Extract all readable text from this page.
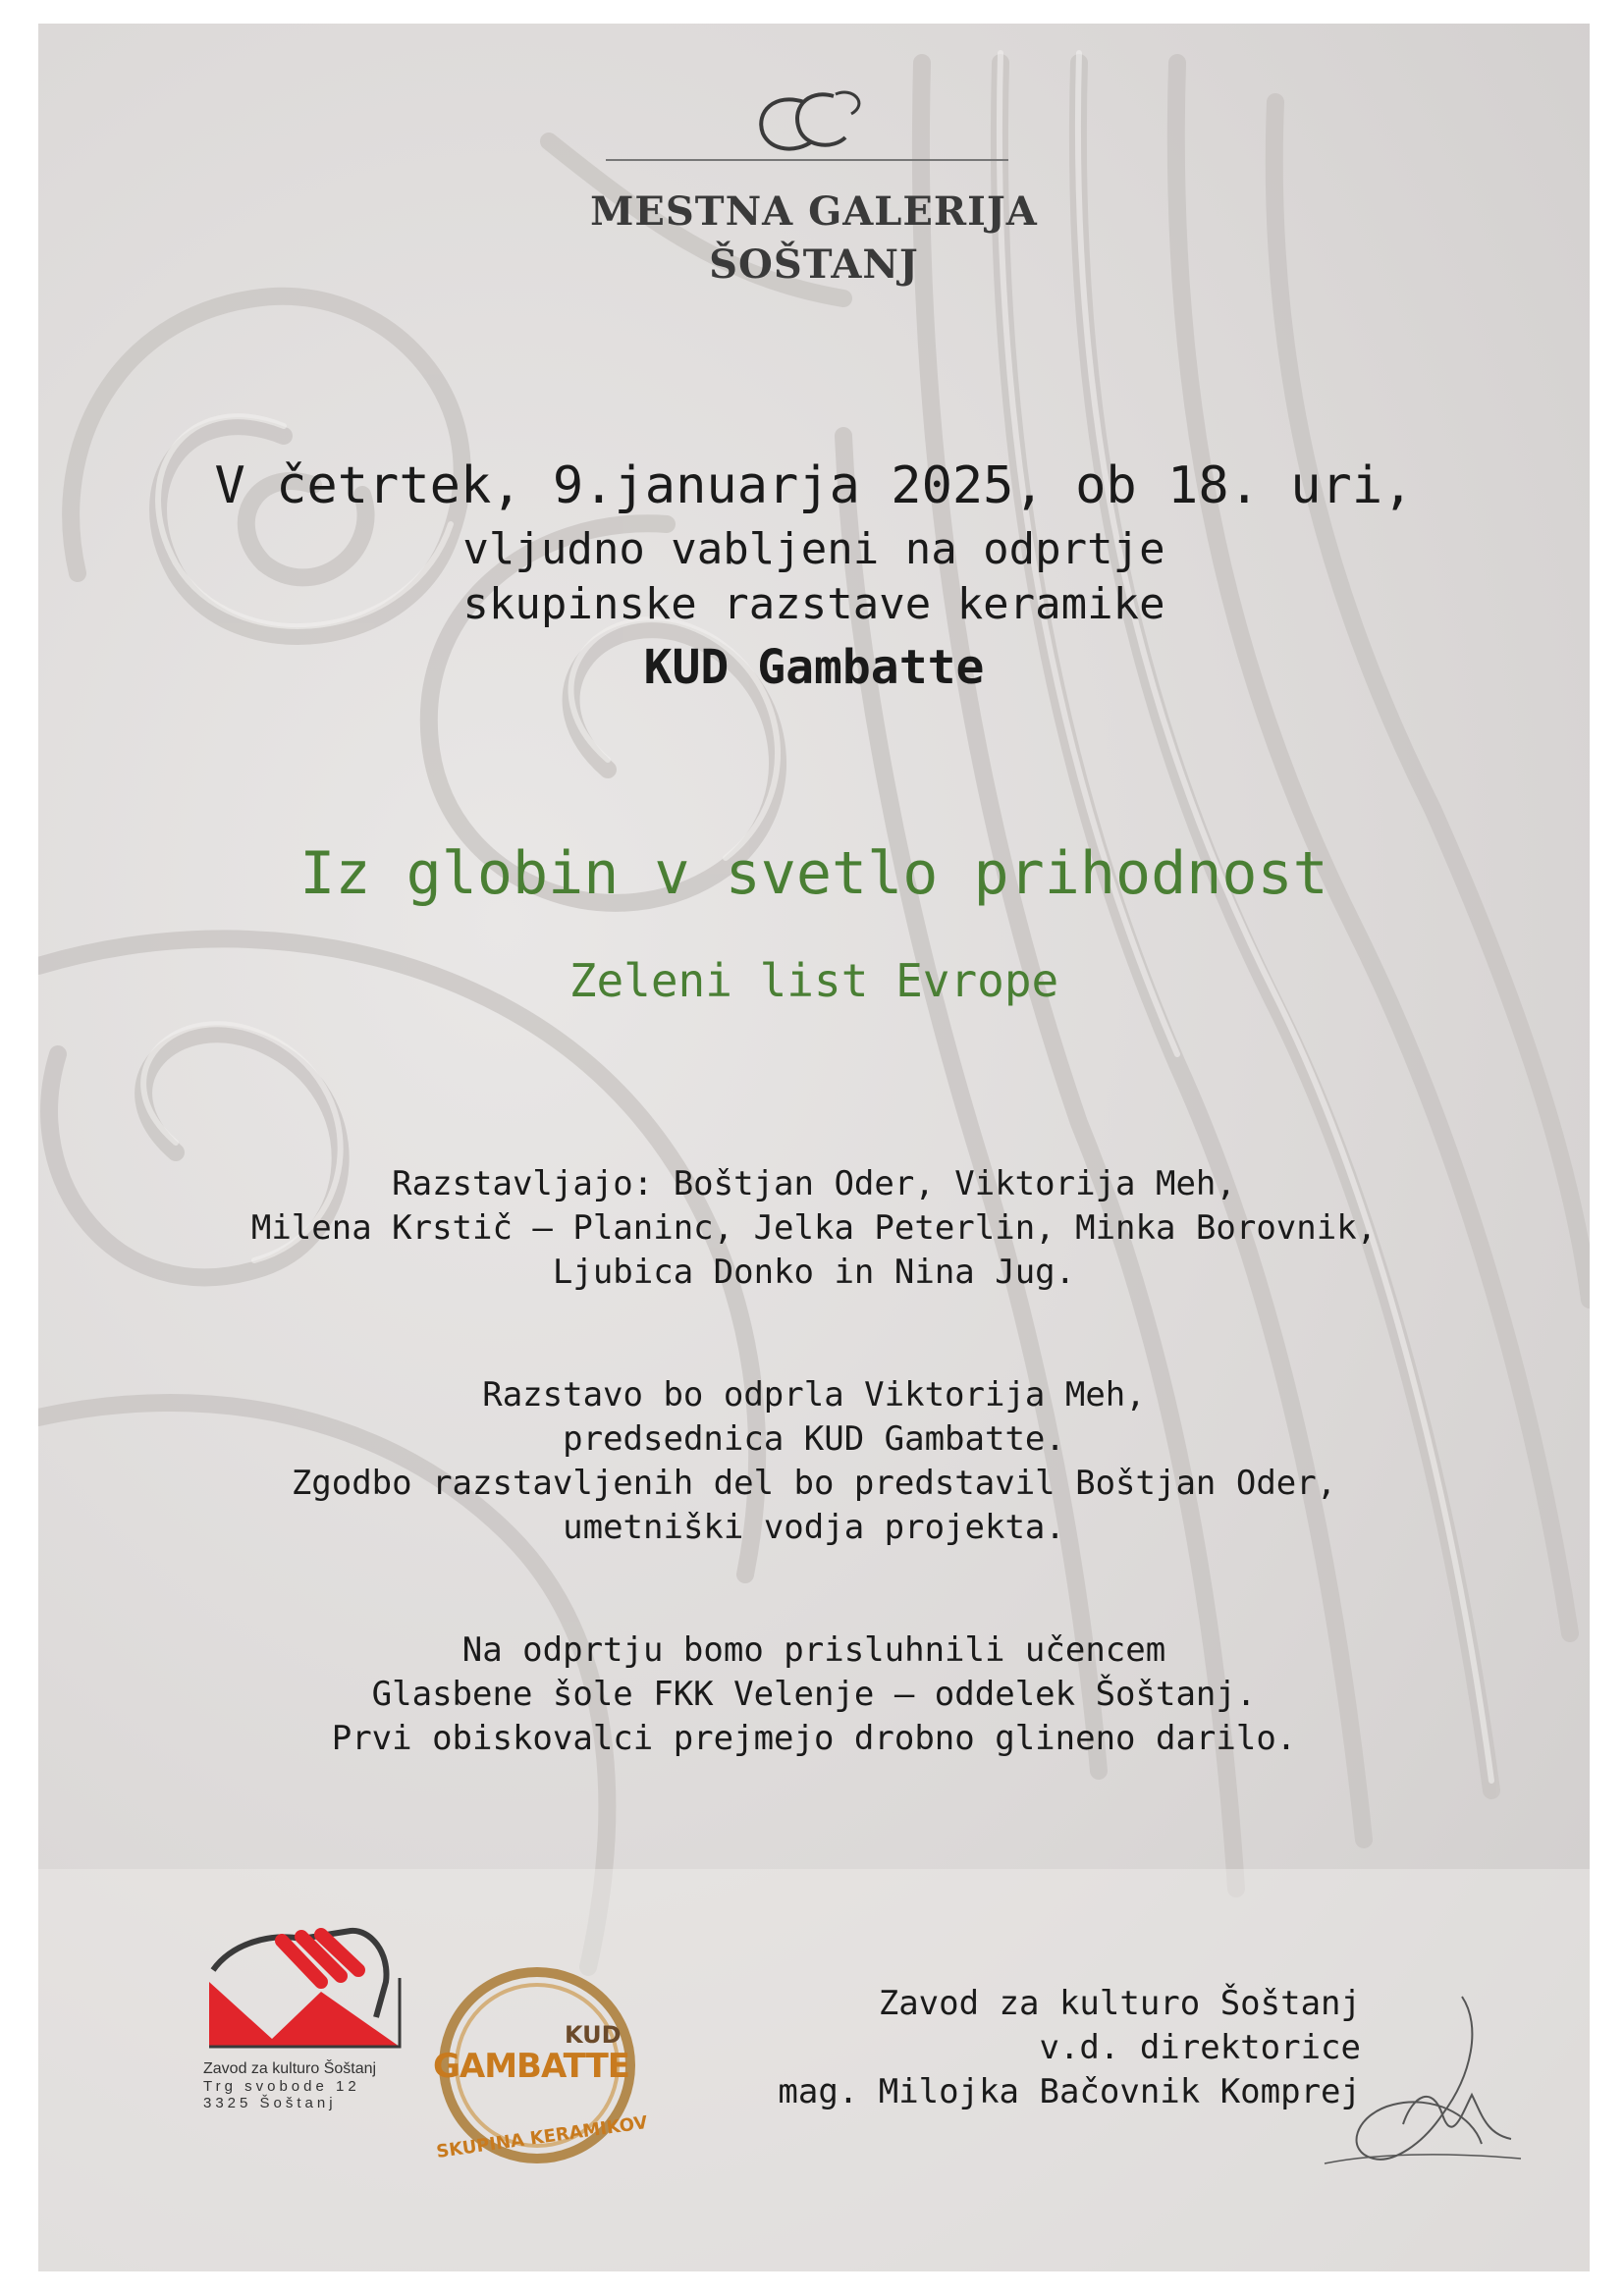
MESTNA GALERIJA
ŠOŠTANJ
V četrtek, 9.januarja 2025, ob 18. uri,
vljudno vabljeni na odprtje
skupinske razstave keramike
KUD Gambatte
Iz globin v svetlo prihodnost
Zeleni list Evrope
Razstavljajo: Boštjan Oder, Viktorija Meh,
Milena Krstič – Planinc, Jelka Peterlin, Minka Borovnik,
Ljubica Donko in Nina Jug.
Razstavo bo odprla Viktorija Meh,
predsednica KUD Gambatte.
Zgodbo razstavljenih del bo predstavil Boštjan Oder,
umetniški vodja projekta.
Na odprtju bomo prisluhnili učencem
Glasbene šole FKK Velenje – oddelek Šoštanj.
Prvi obiskovalci prejmejo drobno glineno darilo.
Zavod za kulturo Šoštanj
Trg svobode 12
3325 Šoštanj
KUD
GAMBATTE
SKUPINA KERAMIKOV
Zavod za kulturo Šoštanj
v.d. direktorice
mag. Milojka Bačovnik Komprej
